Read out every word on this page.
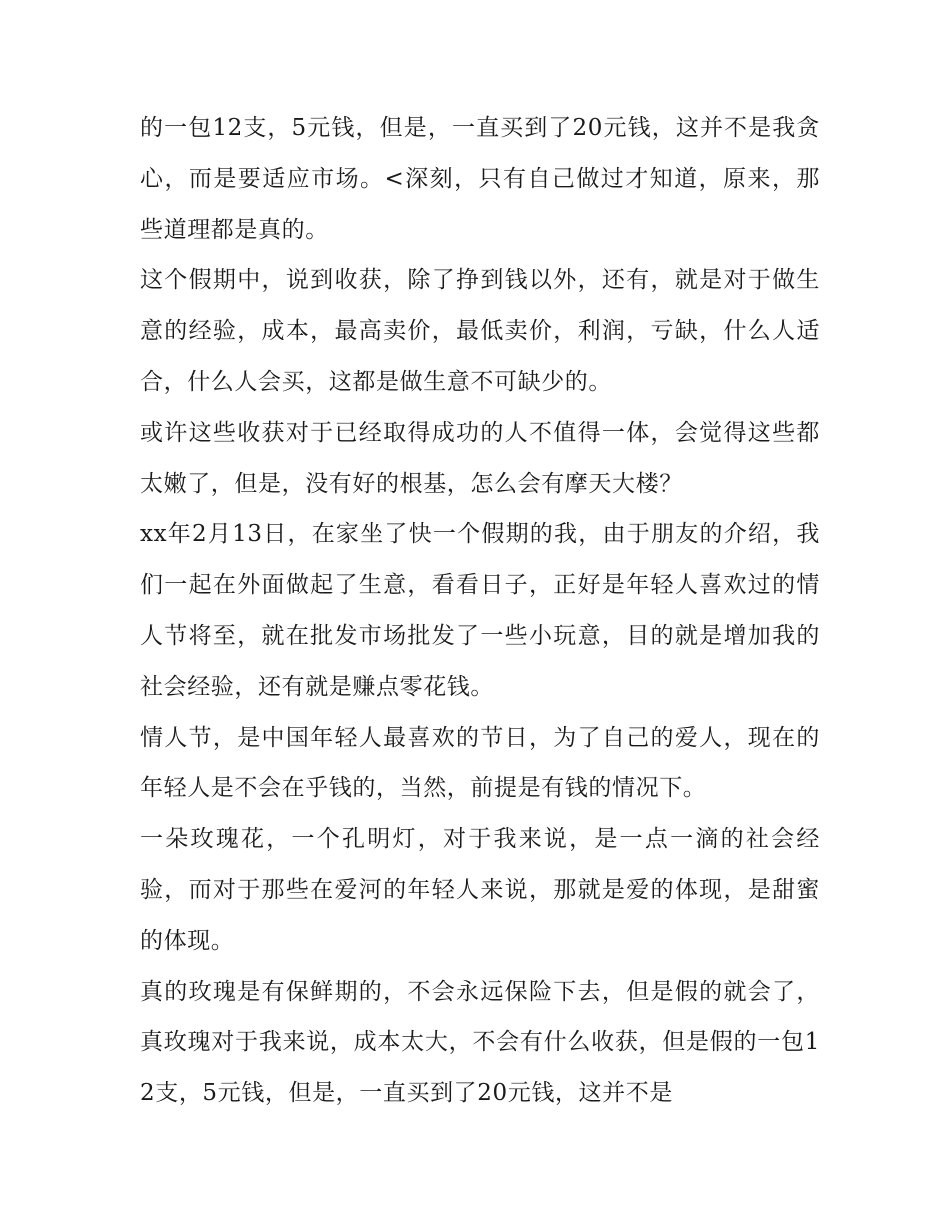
的一包12支，5元钱，但是，一直买到了20元钱，这并不是我贪心，而是要适应市场。<深刻，只有自己做过才知道，原来，那些道理都是真的。

这个假期中，说到收获，除了挣到钱以外，还有，就是对于做生意的经验，成本，最高卖价，最低卖价，利润，亏缺，什么人适合，什么人会买，这都是做生意不可缺少的。

或许这些收获对于已经取得成功的人不值得一体，会觉得这些都太嫩了，但是，没有好的根基，怎么会有摩天大楼？

xx年2月13日，在家坐了快一个假期的我，由于朋友的介绍，我们一起在外面做起了生意，看看日子，正好是年轻人喜欢过的情人节将至，就在批发市场批发了一些小玩意，目的就是增加我的社会经验，还有就是赚点零花钱。

情人节，是中国年轻人最喜欢的节日，为了自己的爱人，现在的年轻人是不会在乎钱的，当然，前提是有钱的情况下。

一朵玫瑰花，一个孔明灯，对于我来说，是一点一滴的社会经验，而对于那些在爱河的年轻人来说，那就是爱的体现，是甜蜜的体现。

真的玫瑰是有保鲜期的，不会永远保险下去，但是假的就会了，真玫瑰对于我来说，成本太大，不会有什么收获，但是假的一包12支，5元钱，但是，一直买到了20元钱，这并不是
